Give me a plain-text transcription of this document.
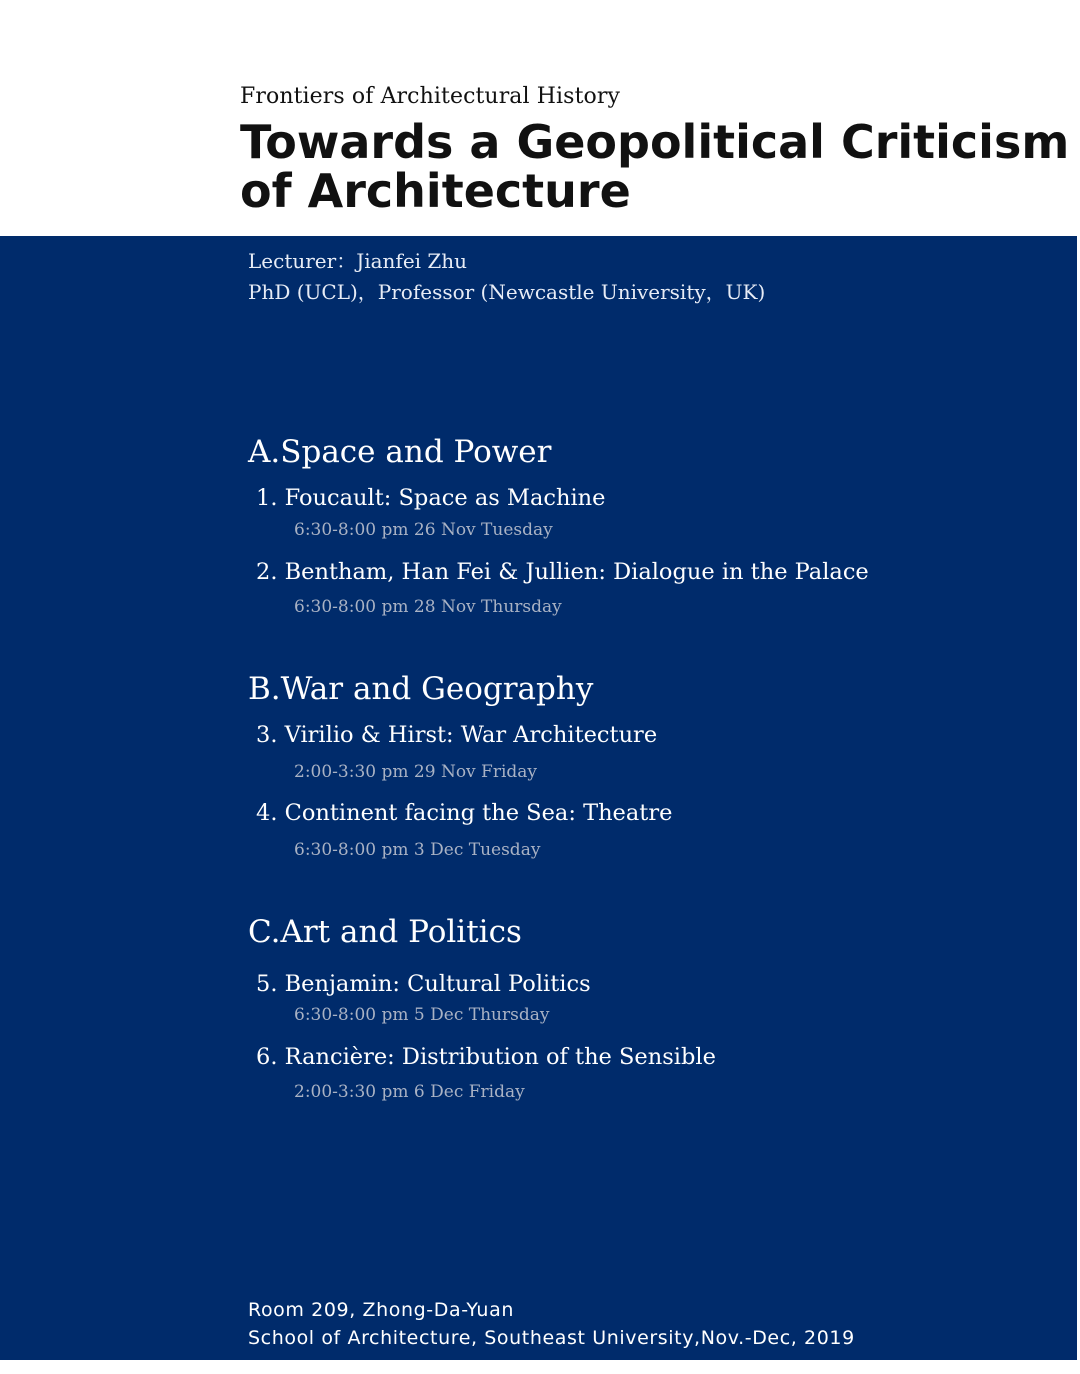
Frontiers of Architectural History
Towards a Geopolitical Criticism
of Architecture
Lecturer：Jianfei Zhu
PhD (UCL)，Professor (Newcastle University，UK)
A.Space and Power
1. Foucault: Space as Machine
6:30-8:00 pm 26 Nov Tuesday
2. Bentham, Han Fei & Jullien: Dialogue in the Palace
6:30-8:00 pm 28 Nov Thursday
B.War and Geography
3. Virilio & Hirst: War Architecture
2:00-3:30 pm 29 Nov Friday
4. Continent facing the Sea: Theatre
6:30-8:00 pm 3 Dec Tuesday
C.Art and Politics
5. Benjamin: Cultural Politics
6:30-8:00 pm 5 Dec Thursday
6. Rancière: Distribution of the Sensible
2:00-3:30 pm 6 Dec Friday
Room 209, Zhong-Da-Yuan
School of Architecture, Southeast University,Nov.-Dec, 2019
